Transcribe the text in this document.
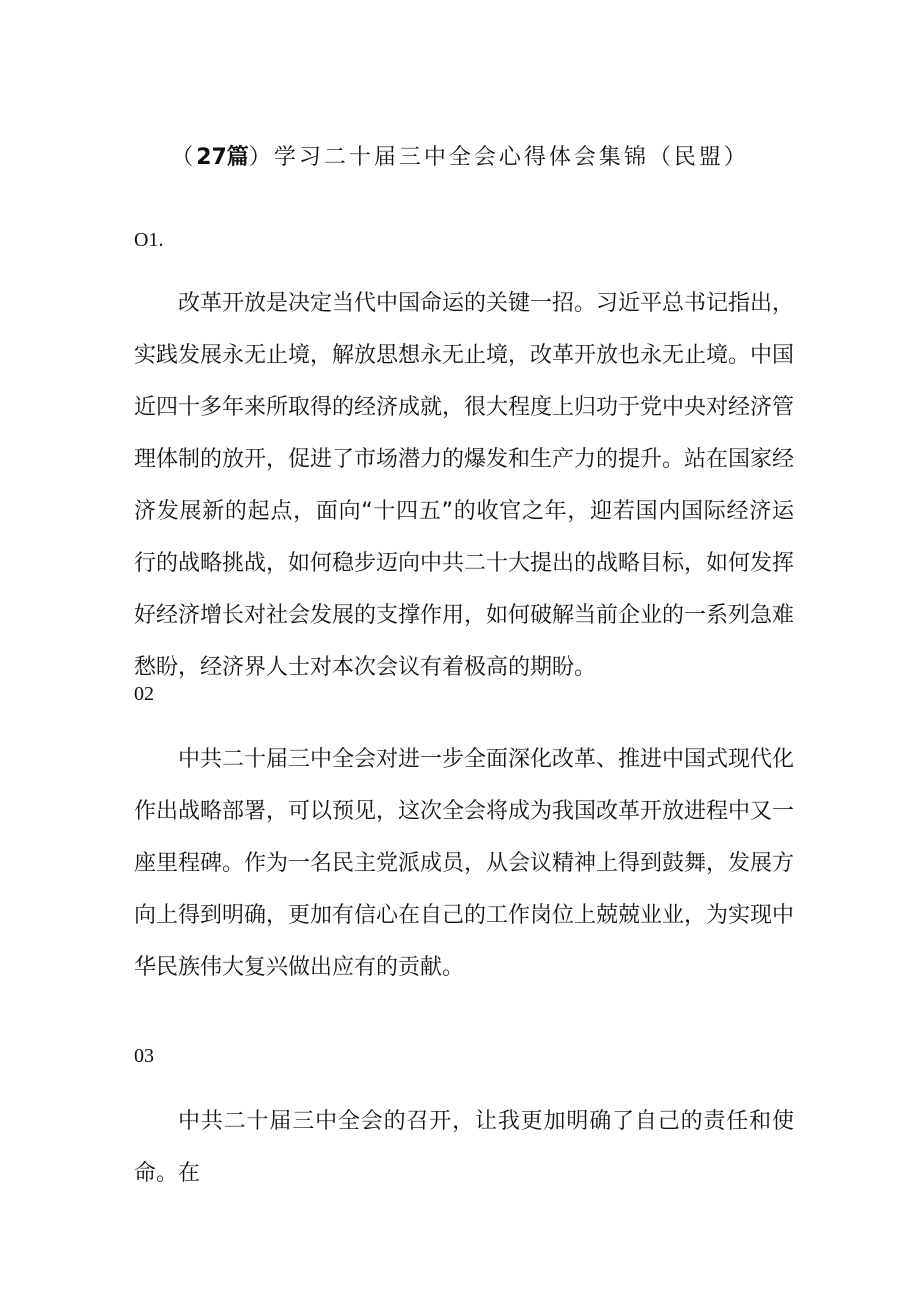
（27篇）学习二十届三中全会心得体会集锦（民盟）

O1.

改革开放是决定当代中国命运的关键一招。习近平总书记指出，实践发展永无止境，解放思想永无止境，改革开放也永无止境。中国近四十多年来所取得的经济成就，很大程度上归功于党中央对经济管理体制的放开，促进了市场潜力的爆发和生产力的提升。站在国家经济发展新的起点，面向“十四五”的收官之年，迎若国内国际经济运行的战略挑战，如何稳步迈向中共二十大提出的战略目标，如何发挥好经济增长对社会发展的支撑作用，如何破解当前企业的一系列急难愁盼，经济界人士对本次会议有着极高的期盼。

02

中共二十届三中全会对进一步全面深化改革、推进中国式现代化作出战略部署，可以预见，这次全会将成为我国改革开放进程中又一座里程碑。作为一名民主党派成员，从会议精神上得到鼓舞，发展方向上得到明确，更加有信心在自己的工作岗位上兢兢业业，为实现中华民族伟大复兴做出应有的贡献。

03

中共二十届三中全会的召开，让我更加明确了自己的责任和使命。在
